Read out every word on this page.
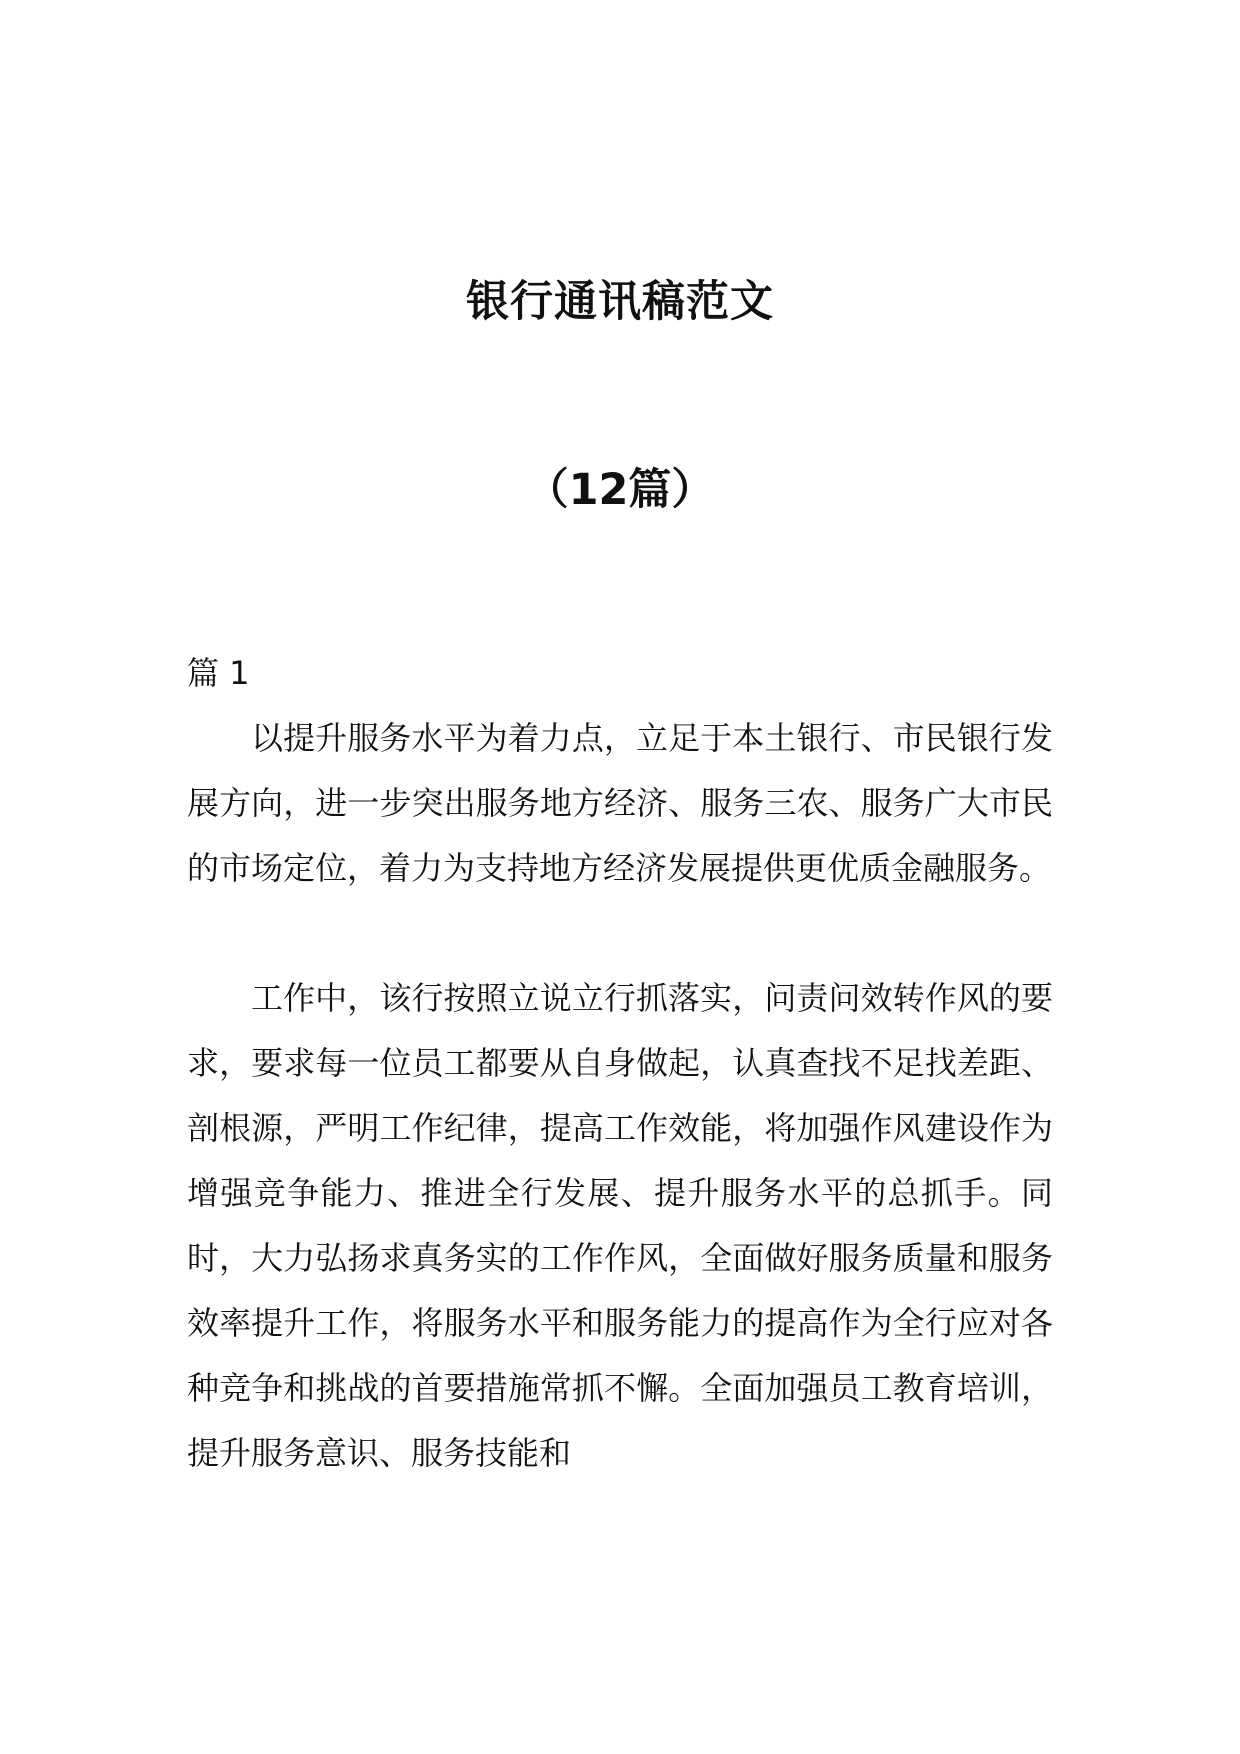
银行通讯稿范文
（12篇）

篇 1

以提升服务水平为着力点，立足于本土银行、市民银行发展方向，进一步突出服务地方经济、服务三农、服务广大市民的市场定位，着力为支持地方经济发展提供更优质金融服务。

工作中，该行按照立说立行抓落实，问责问效转作风的要求，要求每一位员工都要从自身做起，认真查找不足找差距、剖根源，严明工作纪律，提高工作效能，将加强作风建设作为增强竞争能力、推进全行发展、提升服务水平的总抓手。同时，大力弘扬求真务实的工作作风，全面做好服务质量和服务效率提升工作，将服务水平和服务能力的提高作为全行应对各种竞争和挑战的首要措施常抓不懈。全面加强员工教育培训，提升服务意识、服务技能和
